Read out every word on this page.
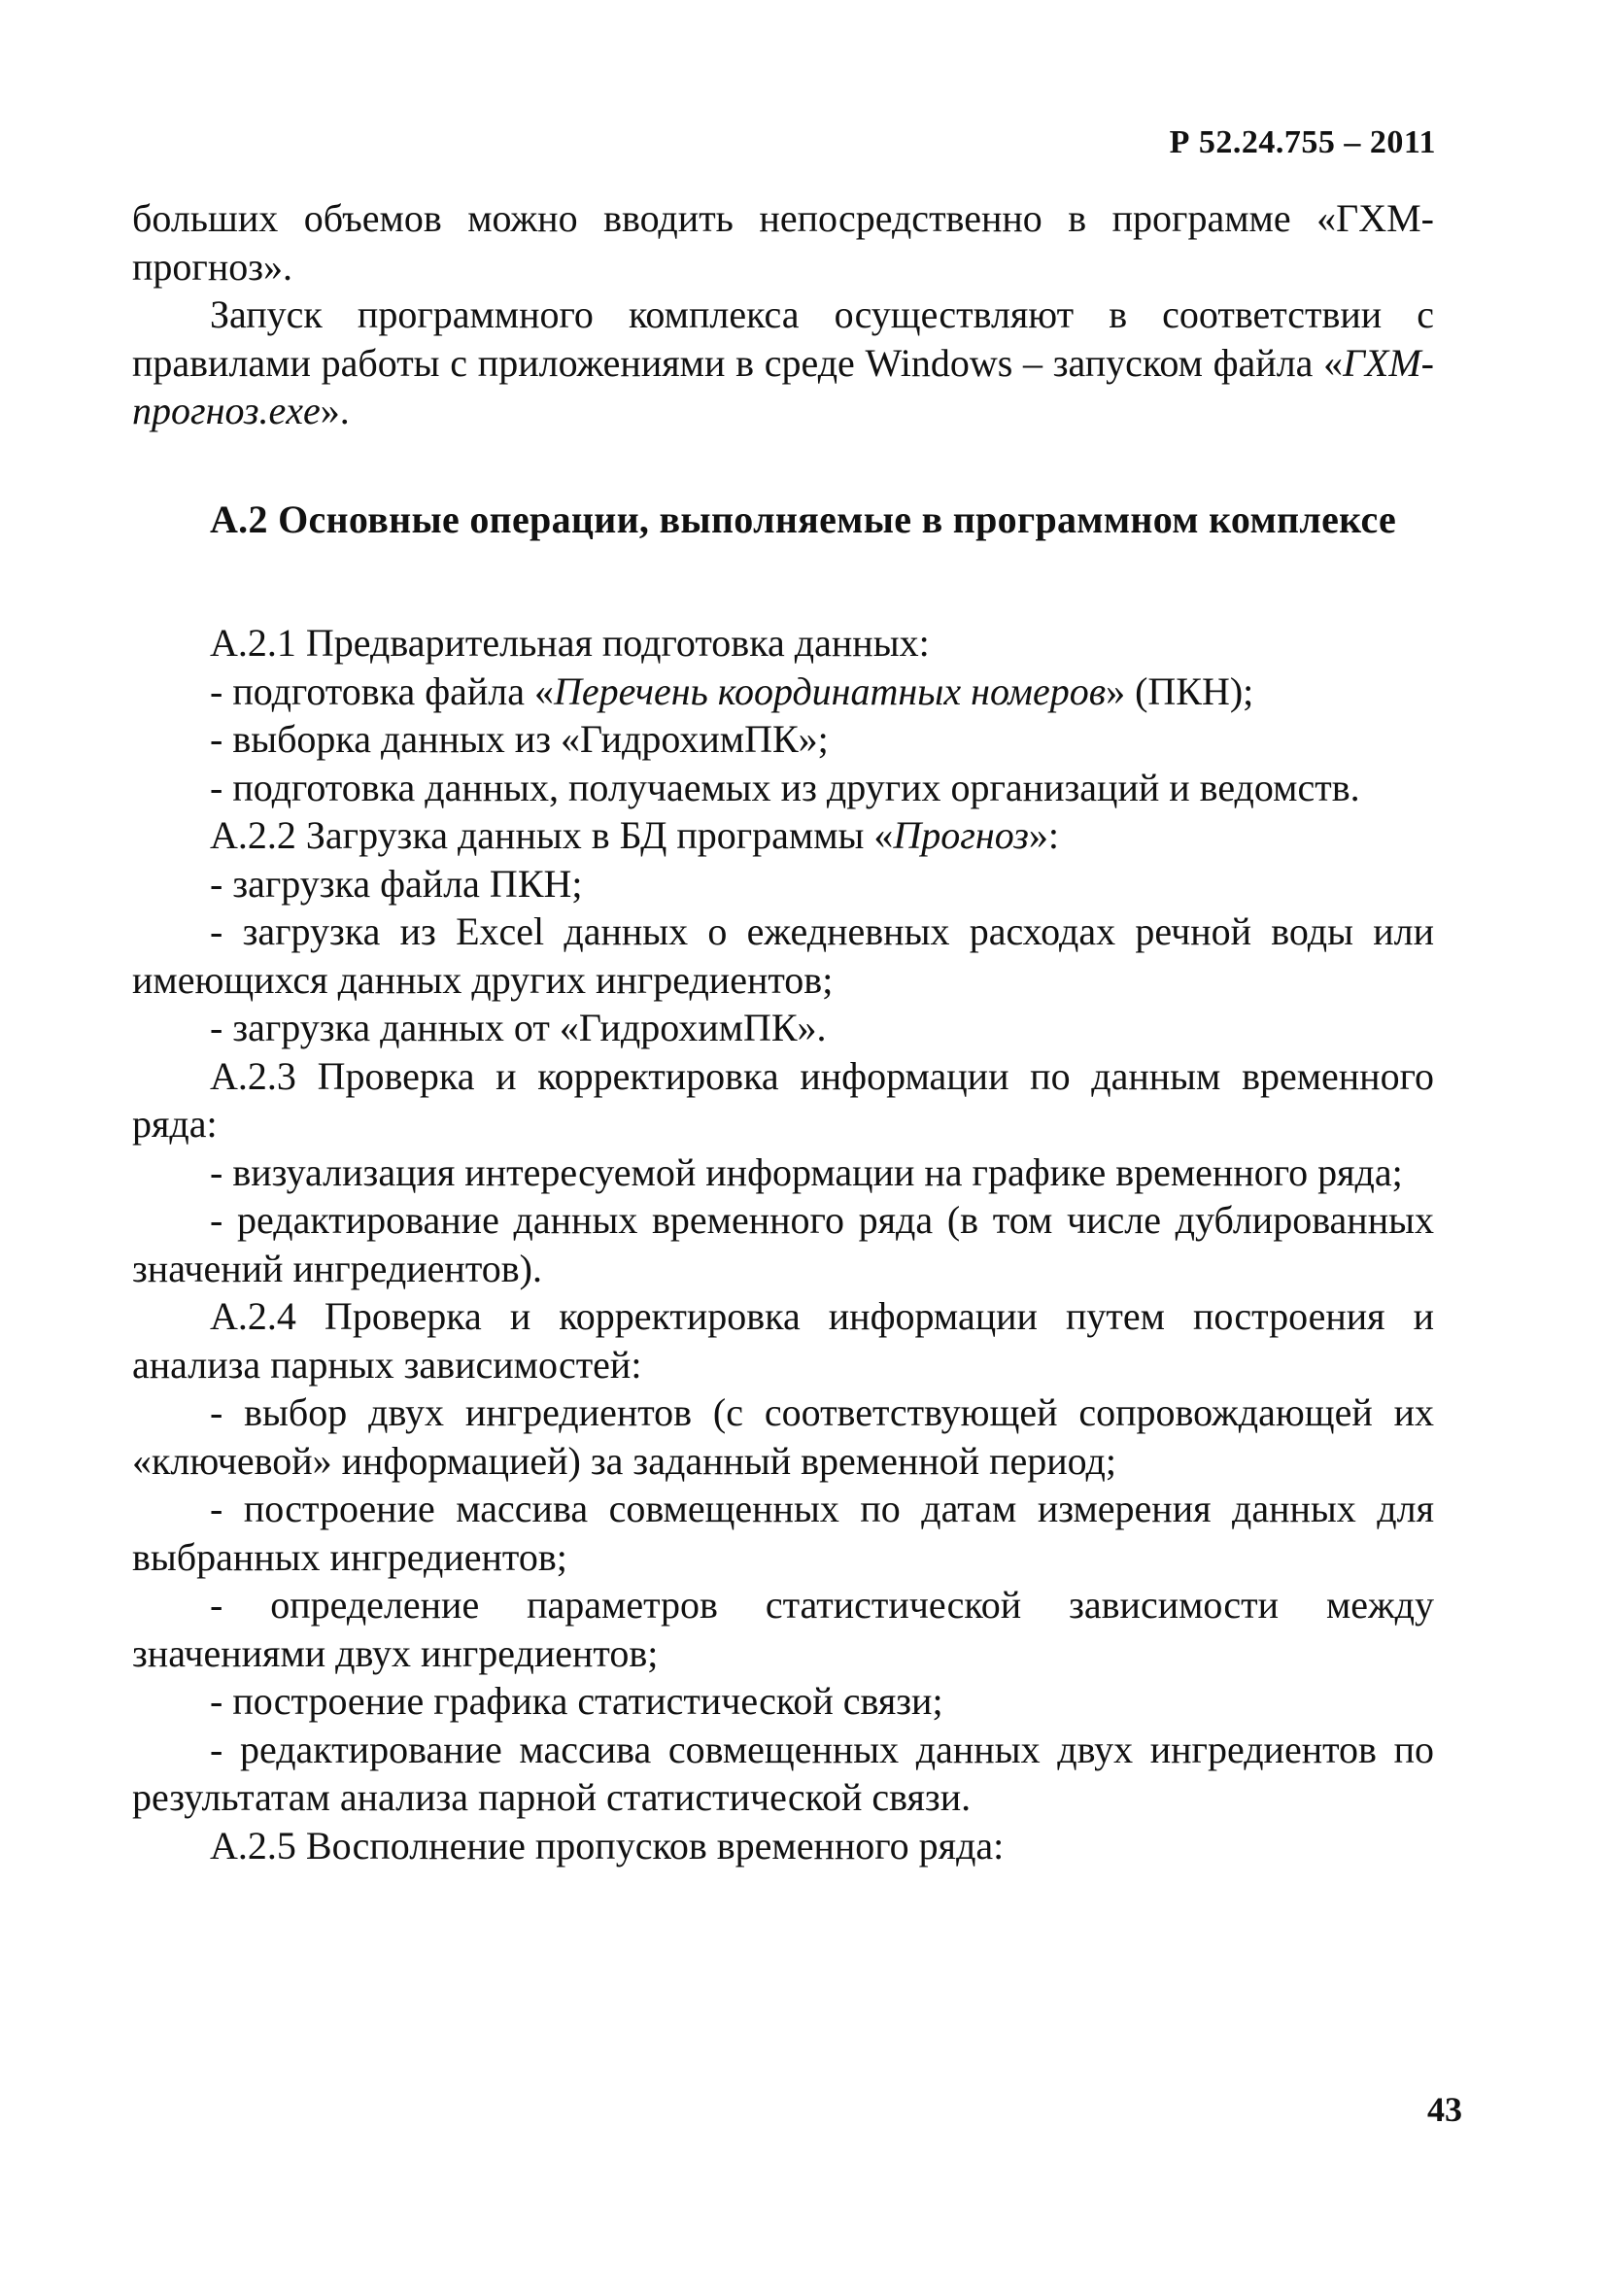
Р 52.24.755 – 2011

больших объемов можно вводить непосредственно в программе «ГХМ-прогноз».

Запуск программного комплекса осуществляют в соответствии с правилами работы с приложениями в среде Windows – запуском файла «ГХМ-прогноз.exe».

А.2 Основные операции, выполняемые в программном комплексе

А.2.1 Предварительная подготовка данных:

- подготовка файла «Перечень координатных номеров» (ПКН);

- выборка данных из «ГидрохимПК»;

- подготовка данных, получаемых из других организаций и ведомств.

А.2.2 Загрузка данных в БД программы «Прогноз»:

- загрузка файла ПКН;

- загрузка из Excel данных о ежедневных расходах речной воды или имеющихся данных других ингредиентов;

- загрузка данных от «ГидрохимПК».

А.2.3 Проверка и корректировка информации по данным временного ряда:

- визуализация интересуемой информации на графике временного ряда;

- редактирование данных временного ряда (в том числе дублированных значений ингредиентов).

А.2.4 Проверка и корректировка информации путем построения и анализа парных зависимостей:

- выбор двух ингредиентов (с соответствующей сопровождающей их «ключевой» информацией) за заданный временной период;

- построение массива совмещенных по датам измерения данных для выбранных ингредиентов;

- определение параметров статистической зависимости между значениями двух ингредиентов;

- построение графика статистической связи;

- редактирование массива совмещенных данных двух ингредиентов по результатам анализа парной статистической связи.

А.2.5 Восполнение пропусков временного ряда:

43
